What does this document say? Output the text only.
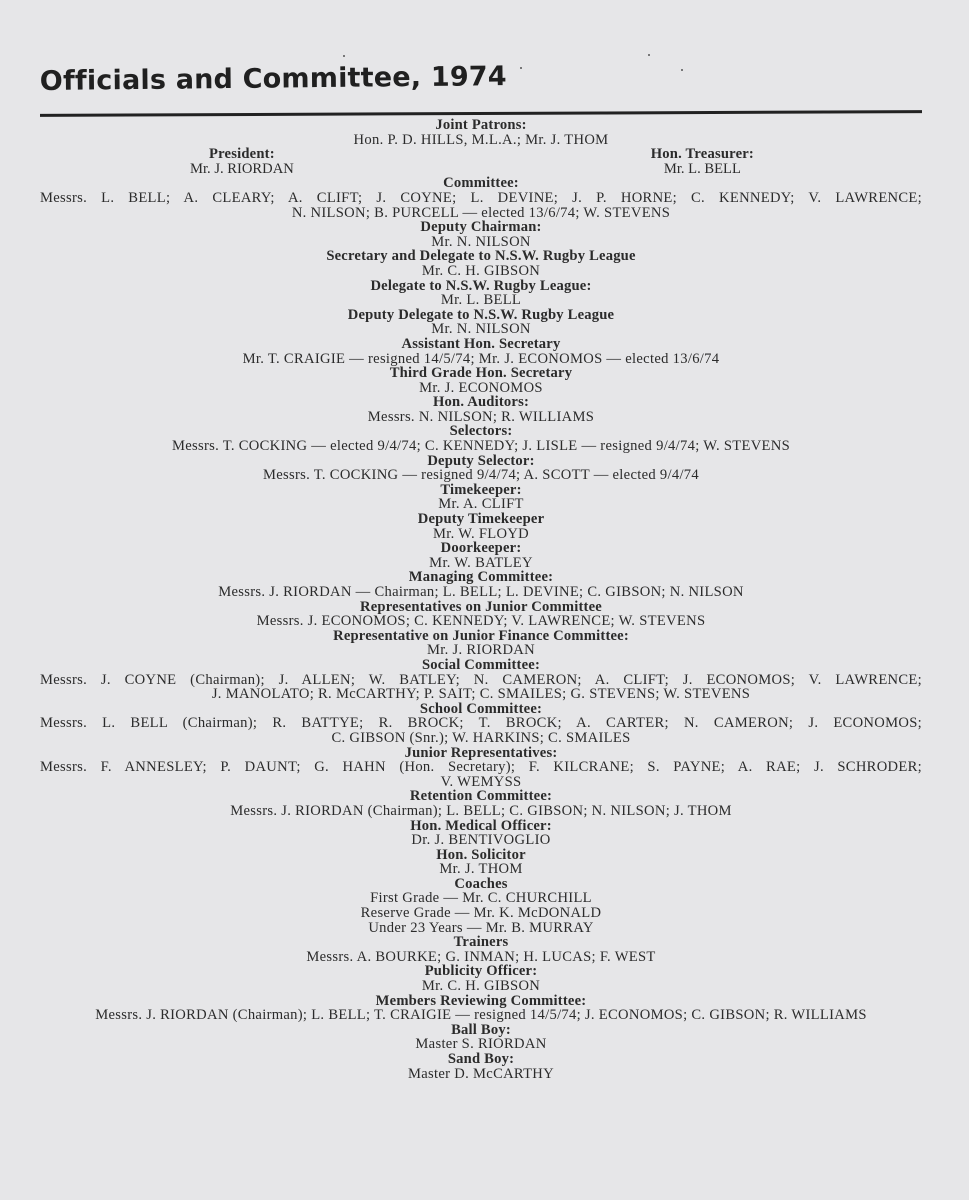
Officials and Committee, 1974
Joint Patrons:
Hon. P. D. HILLS, M.L.A.; Mr. J. THOM
President:
Mr. J. RIORDAN
Hon. Treasurer:
Mr. L. BELL
Committee:
Messrs. L. BELL; A. CLEARY; A. CLIFT; J. COYNE; L. DEVINE; J. P. HORNE; C. KENNEDY; V. LAWRENCE;
N. NILSON; B. PURCELL — elected 13/6/74; W. STEVENS
Deputy Chairman:
Mr. N. NILSON
Secretary and Delegate to N.S.W. Rugby League
Mr. C. H. GIBSON
Delegate to N.S.W. Rugby League:
Mr. L. BELL
Deputy Delegate to N.S.W. Rugby League
Mr. N. NILSON
Assistant Hon. Secretary
Mr. T. CRAIGIE — resigned 14/5/74; Mr. J. ECONOMOS — elected 13/6/74
Third Grade Hon. Secretary
Mr. J. ECONOMOS
Hon. Auditors:
Messrs. N. NILSON; R. WILLIAMS
Selectors:
Messrs. T. COCKING — elected 9/4/74; C. KENNEDY; J. LISLE — resigned 9/4/74; W. STEVENS
Deputy Selector:
Messrs. T. COCKING — resigned 9/4/74; A. SCOTT — elected 9/4/74
Timekeeper:
Mr. A. CLIFT
Deputy Timekeeper
Mr. W. FLOYD
Doorkeeper:
Mr. W. BATLEY
Managing Committee:
Messrs. J. RIORDAN — Chairman; L. BELL; L. DEVINE; C. GIBSON; N. NILSON
Representatives on Junior Committee
Messrs. J. ECONOMOS; C. KENNEDY; V. LAWRENCE; W. STEVENS
Representative on Junior Finance Committee:
Mr. J. RIORDAN
Social Committee:
Messrs. J. COYNE (Chairman); J. ALLEN; W. BATLEY; N. CAMERON; A. CLIFT; J. ECONOMOS; V. LAWRENCE;
J. MANOLATO; R. McCARTHY; P. SAIT; C. SMAILES; G. STEVENS; W. STEVENS
School Committee:
Messrs. L. BELL (Chairman); R. BATTYE; R. BROCK; T. BROCK; A. CARTER; N. CAMERON; J. ECONOMOS;
C. GIBSON (Snr.); W. HARKINS; C. SMAILES
Junior Representatives:
Messrs. F. ANNESLEY; P. DAUNT; G. HAHN (Hon. Secretary); F. KILCRANE; S. PAYNE; A. RAE; J. SCHRODER;
V. WEMYSS
Retention Committee:
Messrs. J. RIORDAN (Chairman); L. BELL; C. GIBSON; N. NILSON; J. THOM
Hon. Medical Officer:
Dr. J. BENTIVOGLIO
Hon. Solicitor
Mr. J. THOM
Coaches
First Grade — Mr. C. CHURCHILL
Reserve Grade — Mr. K. McDONALD
Under 23 Years — Mr. B. MURRAY
Trainers
Messrs. A. BOURKE; G. INMAN; H. LUCAS; F. WEST
Publicity Officer:
Mr. C. H. GIBSON
Members Reviewing Committee:
Messrs. J. RIORDAN (Chairman); L. BELL; T. CRAIGIE — resigned 14/5/74; J. ECONOMOS; C. GIBSON; R. WILLIAMS
Ball Boy:
Master S. RIORDAN
Sand Boy:
Master D. McCARTHY
